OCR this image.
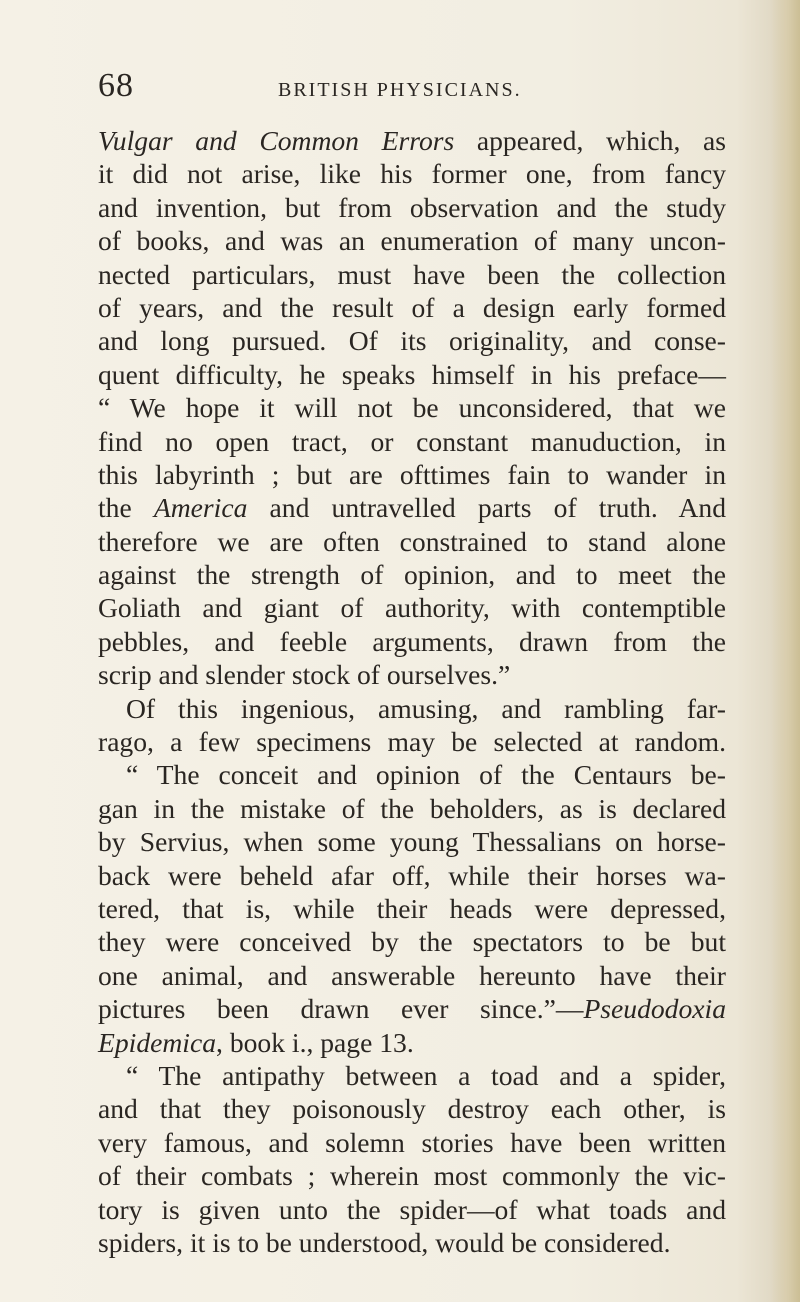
68	BRITISH PHYSICIANS.
Vulgar and Common Errors appeared, which, as
it did not arise, like his former one, from fancy
and invention, but from observation and the study
of books, and was an enumeration of many uncon-
nected particulars, must have been the collection
of years, and the result of a design early formed
and long pursued. Of its originality, and conse-
quent difficulty, he speaks himself in his preface—
“ We hope it will not be unconsidered, that we
find no open tract, or constant manuduction, in
this labyrinth ; but are ofttimes fain to wander in
the America and untravelled parts of truth. And
therefore we are often constrained to stand alone
against the strength of opinion, and to meet the
Goliath and giant of authority, with contemptible
pebbles, and feeble arguments, drawn from the
scrip and slender stock of ourselves.”
Of this ingenious, amusing, and rambling far-
rago, a few specimens may be selected at random.
“ The conceit and opinion of the Centaurs be-
gan in the mistake of the beholders, as is declared
by Servius, when some young Thessalians on horse-
back were beheld afar off, while their horses wa-
tered, that is, while their heads were depressed,
they were conceived by the spectators to be but
one animal, and answerable hereunto have their
pictures been drawn ever since.”—Pseudodoxia
Epidemica, book i., page 13.
“ The antipathy between a toad and a spider,
and that they poisonously destroy each other, is
very famous, and solemn stories have been written
of their combats ; wherein most commonly the vic-
tory is given unto the spider—of what toads and
spiders, it is to be understood, would be considered.
